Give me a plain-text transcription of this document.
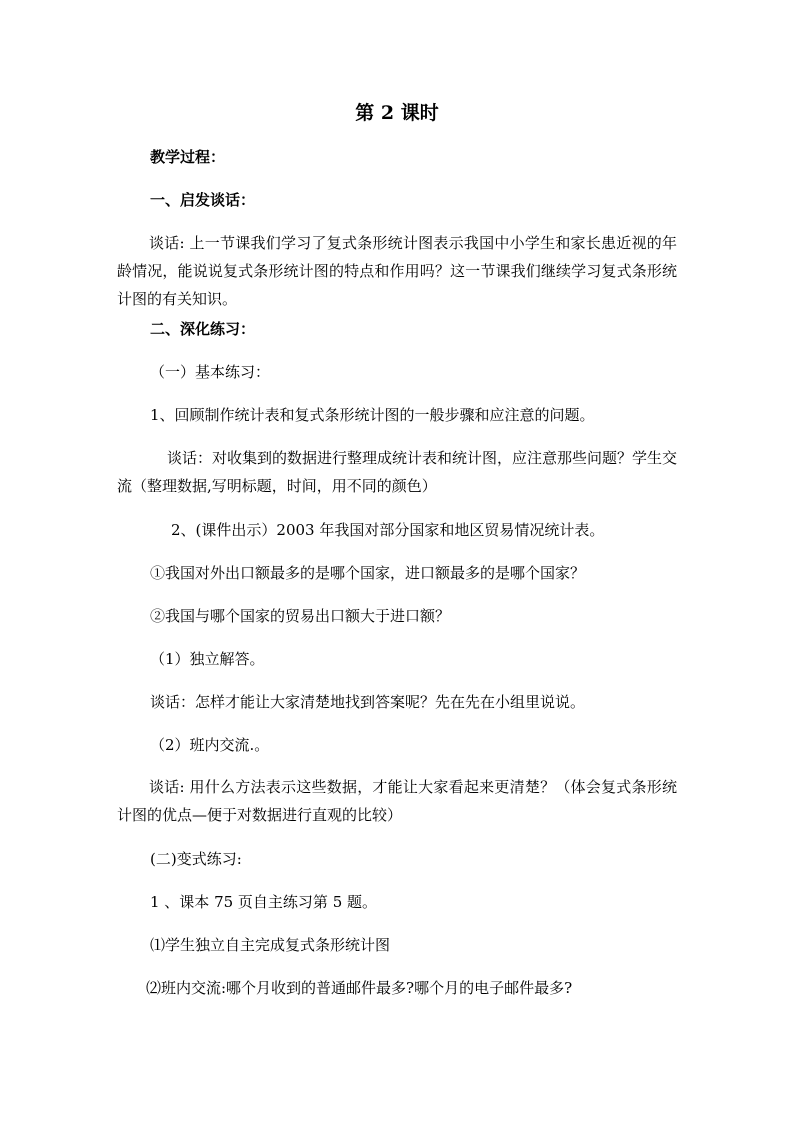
第 2 课时
教学过程：
一、启发谈话：
谈话: 上一节课我们学习了复式条形统计图表示我国中小学生和家长患近视的年龄情况，能说说复式条形统计图的特点和作用吗？这一节课我们继续学习复式条形统计图的有关知识。
二、深化练习：
（一）基本练习：
1、回顾制作统计表和复式条形统计图的一般步骤和应注意的问题。
谈话：对收集到的数据进行整理成统计表和统计图，应注意那些问题？学生交流（整理数据,写明标题，时间，用不同的颜色）
2、(课件出示）2003 年我国对部分国家和地区贸易情况统计表。
①我国对外出口额最多的是哪个国家，进口额最多的是哪个国家？
②我国与哪个国家的贸易出口额大于进口额？
（1）独立解答。
谈话：怎样才能让大家清楚地找到答案呢？先在先在小组里说说。
（2）班内交流.。
谈话: 用什么方法表示这些数据，才能让大家看起来更清楚？（体会复式条形统计图的优点—便于对数据进行直观的比较）
(二)变式练习:
1 、课本 75 页自主练习第 5 题。
⑴学生独立自主完成复式条形统计图
⑵班内交流:哪个月收到的普通邮件最多?哪个月的电子邮件最多?
